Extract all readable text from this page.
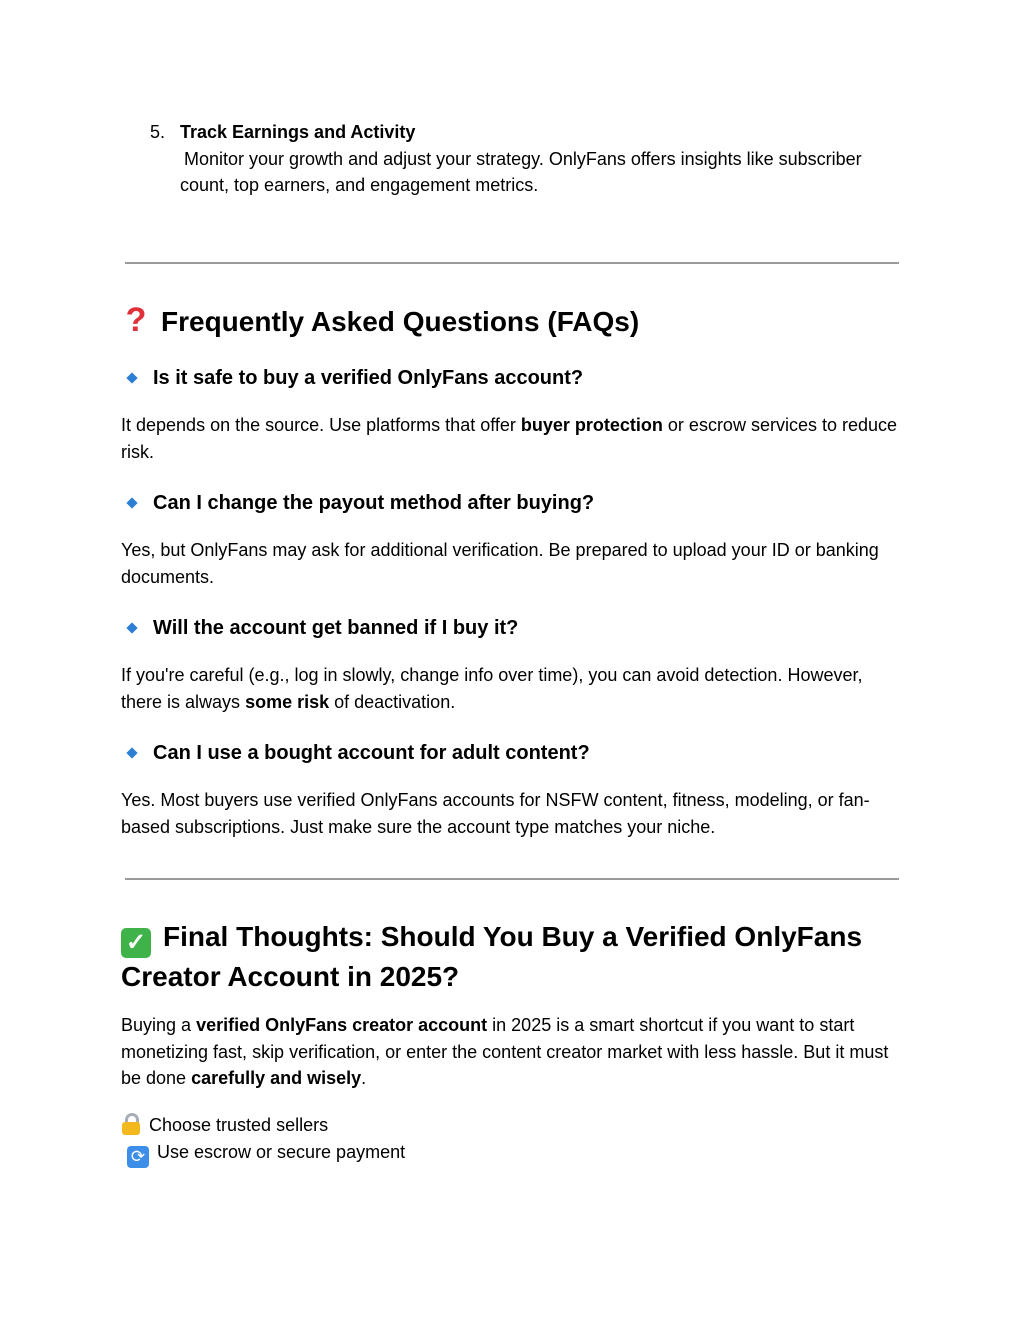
5. Track Earnings and Activity
Monitor your growth and adjust your strategy. OnlyFans offers insights like subscriber count, top earners, and engagement metrics.
? Frequently Asked Questions (FAQs)
Is it safe to buy a verified OnlyFans account?
It depends on the source. Use platforms that offer buyer protection or escrow services to reduce risk.
Can I change the payout method after buying?
Yes, but OnlyFans may ask for additional verification. Be prepared to upload your ID or banking documents.
Will the account get banned if I buy it?
If you're careful (e.g., log in slowly, change info over time), you can avoid detection. However, there is always some risk of deactivation.
Can I use a bought account for adult content?
Yes. Most buyers use verified OnlyFans accounts for NSFW content, fitness, modeling, or fan-based subscriptions. Just make sure the account type matches your niche.
✓ Final Thoughts: Should You Buy a Verified OnlyFans Creator Account in 2025?
Buying a verified OnlyFans creator account in 2025 is a smart shortcut if you want to start monetizing fast, skip verification, or enter the content creator market with less hassle. But it must be done carefully and wisely.
Choose trusted sellers
⟳ Use escrow or secure payment
